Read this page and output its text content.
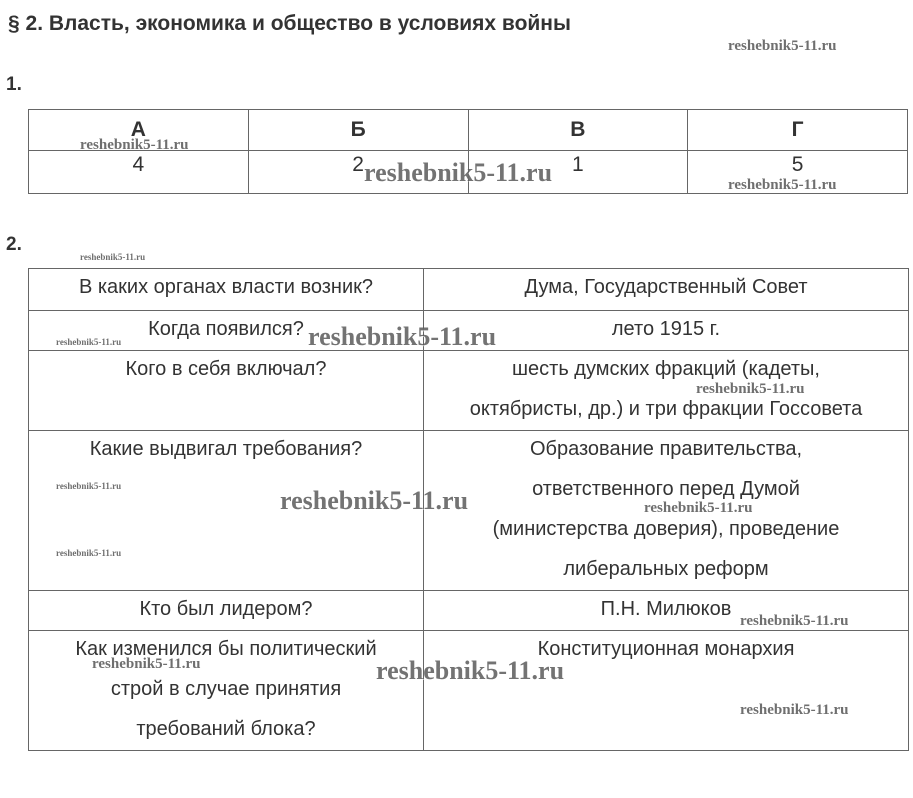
§ 2. Власть, экономика и общество в условиях войны
1.
А	Б	В	Г
4	2	1	5
2.
В каких органах власти возник?	Дума, Государственный Совет

Когда появился?	лето 1915 г.

Кого в себя включал?	шесть думских фракций (кадеты,
октябристы, др.) и три фракции Госсовета

Какие выдвигал требования?	Образование правительства,
ответственного перед Думой
(министерства доверия), проведение
либеральных реформ

Кто был лидером?	П.Н. Милюков

Как изменился бы политический
строй в случае принятия
требований блока?	Конституционная монархия
reshebnik5-11.ru
reshebnik5-11.ru
reshebnik5-11.ru	reshebnik5-11.ru
reshebnik5-11.ru
reshebnik5-11.ru
reshebnik5-11.ru
reshebnik5-11.ru
reshebnik5-11.ru	reshebnik5-11.ru	reshebnik5-11.ru
reshebnik5-11.ru
reshebnik5-11.ru
reshebnik5-11.ru	reshebnik5-11.ru
reshebnik5-11.ru
